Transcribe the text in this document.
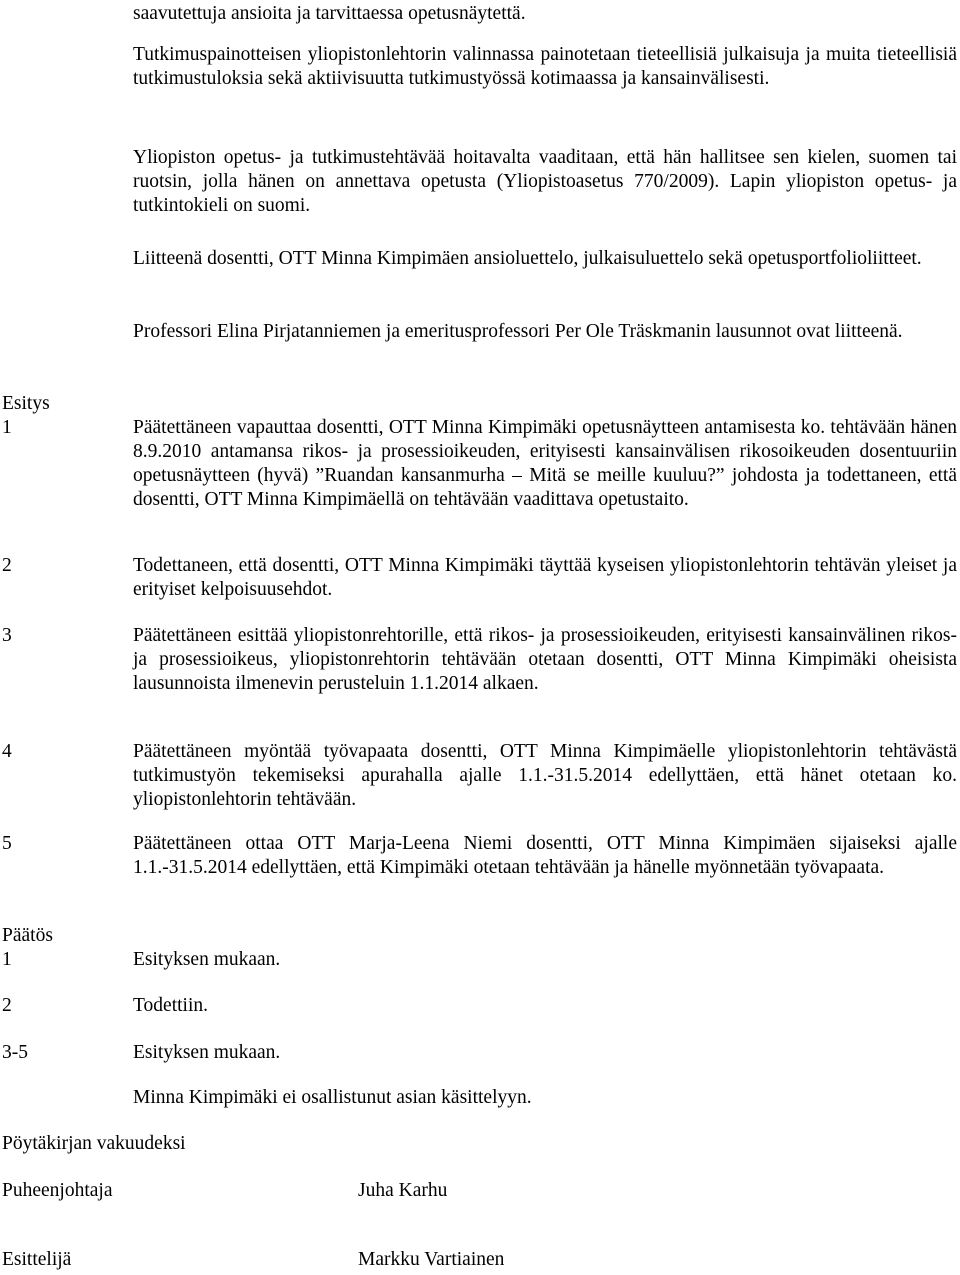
saavutettuja ansioita ja tarvittaessa opetusnäytettä.
Tutkimuspainotteisen yliopistonlehtorin valinnassa painotetaan tieteellisiä julkaisuja ja muita tieteellisiä tutkimustuloksia sekä aktiivisuutta tutkimustyössä kotimaassa ja kansainvälisesti.
Yliopiston opetus- ja tutkimustehtävää hoitavalta vaaditaan, että hän hallitsee sen kielen, suomen tai ruotsin, jolla hänen on annettava opetusta (Yliopistoasetus 770/2009). Lapin yliopiston opetus- ja tutkintokieli on suomi.
Liitteenä dosentti, OTT Minna Kimpimäen ansioluettelo, julkaisuluettelo sekä opetusportfolioliitteet.
Professori Elina Pirjatanniemen ja emeritusprofessori Per Ole Träskmanin lausunnot ovat liitteenä.
Esitys
1	Päätettäneen vapauttaa dosentti, OTT Minna Kimpimäki opetusnäytteen antamisesta ko. tehtävään hänen 8.9.2010 antamansa rikos- ja prosessioikeuden, erityisesti kansainvälisen rikosoikeuden dosentuuriin opetusnäytteen (hyvä) ”Ruandan kansanmurha – Mitä se meille kuuluu?” johdosta ja todettaneen, että dosentti, OTT Minna Kimpimäellä on tehtävään vaadittava opetustaito.
2	Todettaneen, että dosentti, OTT Minna Kimpimäki täyttää kyseisen yliopistonlehtorin tehtävän yleiset ja erityiset kelpoisuusehdot.
3	Päätettäneen esittää yliopistonrehtorille, että rikos- ja prosessioikeuden, erityisesti kansainvälinen rikos- ja prosessioikeus, yliopistonrehtorin tehtävään otetaan dosentti, OTT Minna Kimpimäki oheisista lausunnoista ilmenevin perusteluin 1.1.2014 alkaen.
4	Päätettäneen myöntää työvapaata dosentti, OTT Minna Kimpimäelle yliopistonlehtorin tehtävästä tutkimustyön tekemiseksi apurahalla ajalle 1.1.-31.5.2014 edellyttäen, että hänet otetaan ko. yliopistonlehtorin tehtävään.
5	Päätettäneen ottaa OTT Marja-Leena Niemi dosentti, OTT Minna Kimpimäen sijaiseksi ajalle 1.1.-31.5.2014 edellyttäen, että Kimpimäki otetaan tehtävään ja hänelle myönnetään työvapaata.
Päätös
1	Esityksen mukaan.
2	Todettiin.
3-5	Esityksen mukaan.
Minna Kimpimäki ei osallistunut asian käsittelyyn.
Pöytäkirjan vakuudeksi
Puheenjohtaja	Juha Karhu
Esittelijä	Markku Vartiainen
